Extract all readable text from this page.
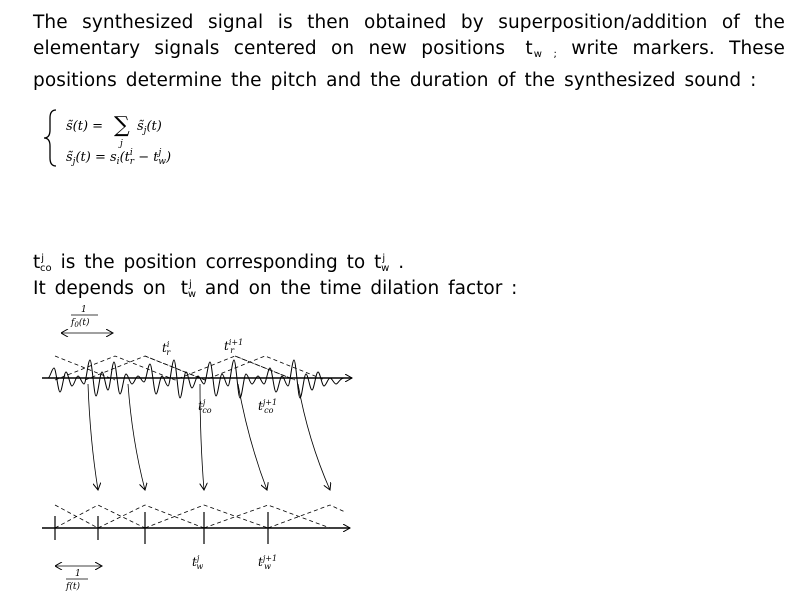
The synthesized signal is then obtained by superposition/addition of the elementary signals centered on new positions $t_{w ;}$ write markers. These positions determine the pitch and the duration of the synthesized sound :
s̃(t) = ∑
j
$s̃_j(t)$
$s̃_j(t) = s_i(t^i$ $r - t^j$ w)
$t^j_{co}$ is the position corresponding to $t^j_w$ .
It depends on $t^j_w$ and on the time dilation factor :
1
$f_0(t)$
$t^i$ r	$t^{i+1}$ r
$t^j$ co	$t^{j+1}$ co
$t^j$ w	$t^{j+1}$ w
1
f(t)
